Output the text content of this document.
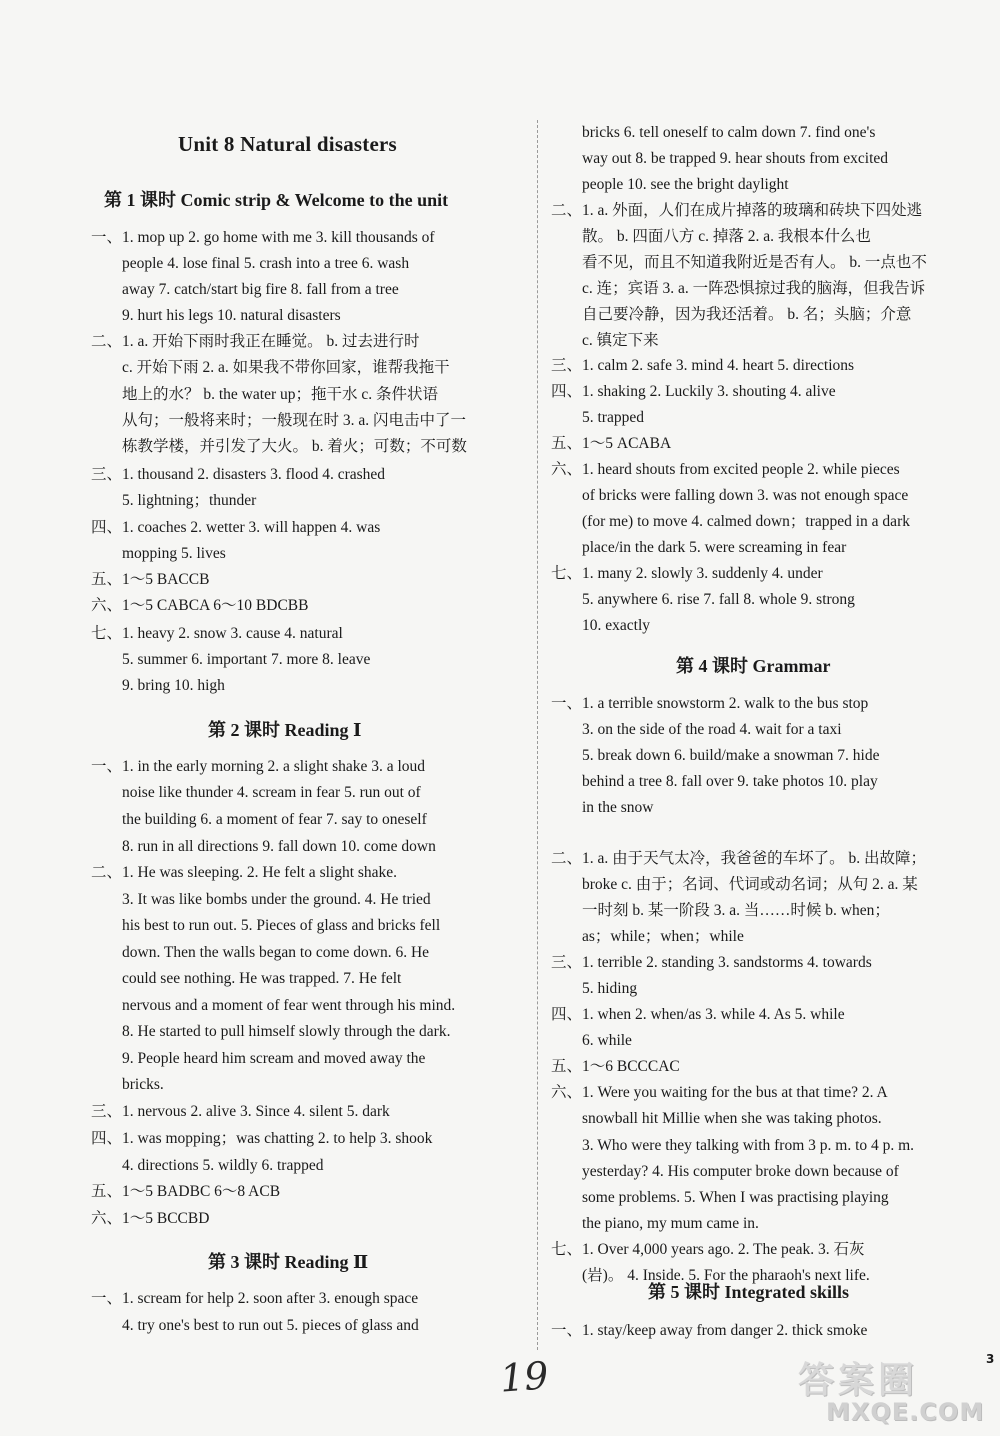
Unit 8 Natural disasters
第 1 课时 Comic strip & Welcome to the unit
第 2 课时 Reading Ⅰ
第 3 课时 Reading Ⅱ
第 4 课时 Grammar
第 5 课时 Integrated skills
一、1. mop up 2. go home with me 3. kill thousands of
people 4. lose final 5. crash into a tree 6. wash
away 7. catch/start big fire 8. fall from a tree
9. hurt his legs 10. natural disasters
二、1. a. 开始下雨时我正在睡觉。 b. 过去进行时
c. 开始下雨 2. a. 如果我不带你回家，谁帮我拖干
地上的水？ b. the water up；拖干水 c. 条件状语
从句；一般将来时；一般现在时 3. a. 闪电击中了一
栋教学楼，并引发了大火。 b. 着火；可数；不可数
三、1. thousand 2. disasters 3. flood 4. crashed
5. lightning；thunder
四、1. coaches 2. wetter 3. will happen 4. was
mopping 5. lives
五、1～5 BACCB
六、1～5 CABCA 6～10 BDCBB
七、1. heavy 2. snow 3. cause 4. natural
5. summer 6. important 7. more 8. leave
9. bring 10. high
一、1. in the early morning 2. a slight shake 3. a loud
noise like thunder 4. scream in fear 5. run out of
the building 6. a moment of fear 7. say to oneself
8. run in all directions 9. fall down 10. come down
二、1. He was sleeping. 2. He felt a slight shake.
3. It was like bombs under the ground. 4. He tried
his best to run out. 5. Pieces of glass and bricks fell
down. Then the walls began to come down. 6. He
could see nothing. He was trapped. 7. He felt
nervous and a moment of fear went through his mind.
8. He started to pull himself slowly through the dark.
9. People heard him scream and moved away the
bricks.
三、1. nervous 2. alive 3. Since 4. silent 5. dark
四、1. was mopping；was chatting 2. to help 3. shook
4. directions 5. wildly 6. trapped
五、1～5 BADBC 6～8 ACB
六、1～5 BCCBD
一、1. scream for help 2. soon after 3. enough space
4. try one's best to run out 5. pieces of glass and
bricks 6. tell oneself to calm down 7. find one's
way out 8. be trapped 9. hear shouts from excited
people 10. see the bright daylight
二、1. a. 外面，人们在成片掉落的玻璃和砖块下四处逃
散。 b. 四面八方 c. 掉落 2. a. 我根本什么也
看不见，而且不知道我附近是否有人。 b. 一点也不
c. 连；宾语 3. a. 一阵恐惧掠过我的脑海，但我告诉
自己要冷静，因为我还活着。 b. 名；头脑；介意
c. 镇定下来
三、1. calm 2. safe 3. mind 4. heart 5. directions
四、1. shaking 2. Luckily 3. shouting 4. alive
5. trapped
五、1～5 ACABA
六、1. heard shouts from excited people 2. while pieces
of bricks were falling down 3. was not enough space
(for me) to move 4. calmed down；trapped in a dark
place/in the dark 5. were screaming in fear
七、1. many 2. slowly 3. suddenly 4. under
5. anywhere 6. rise 7. fall 8. whole 9. strong
10. exactly
一、1. a terrible snowstorm 2. walk to the bus stop
3. on the side of the road 4. wait for a taxi
5. break down 6. build/make a snowman 7. hide
behind a tree 8. fall over 9. take photos 10. play
in the snow
二、1. a. 由于天气太冷，我爸爸的车坏了。 b. 出故障；
broke c. 由于；名词、代词或动名词；从句 2. a. 某
一时刻 b. 某一阶段 3. a. 当……时候 b. when；
as；while；when；while
三、1. terrible 2. standing 3. sandstorms 4. towards
5. hiding
四、1. when 2. when/as 3. while 4. As 5. while
6. while
五、1～6 BCCCAC
六、1. Were you waiting for the bus at that time? 2. A
snowball hit Millie when she was taking photos.
3. Who were they talking with from 3 p. m. to 4 p. m.
yesterday? 4. His computer broke down because of
some problems. 5. When I was practising playing
the piano, my mum came in.
七、1. Over 4,000 years ago. 2. The peak. 3. 石灰
(岩)。 4. Inside. 5. For the pharaoh's next life.
一、1. stay/keep away from danger 2. thick smoke
19	答案圈
MXQE.COM
3
